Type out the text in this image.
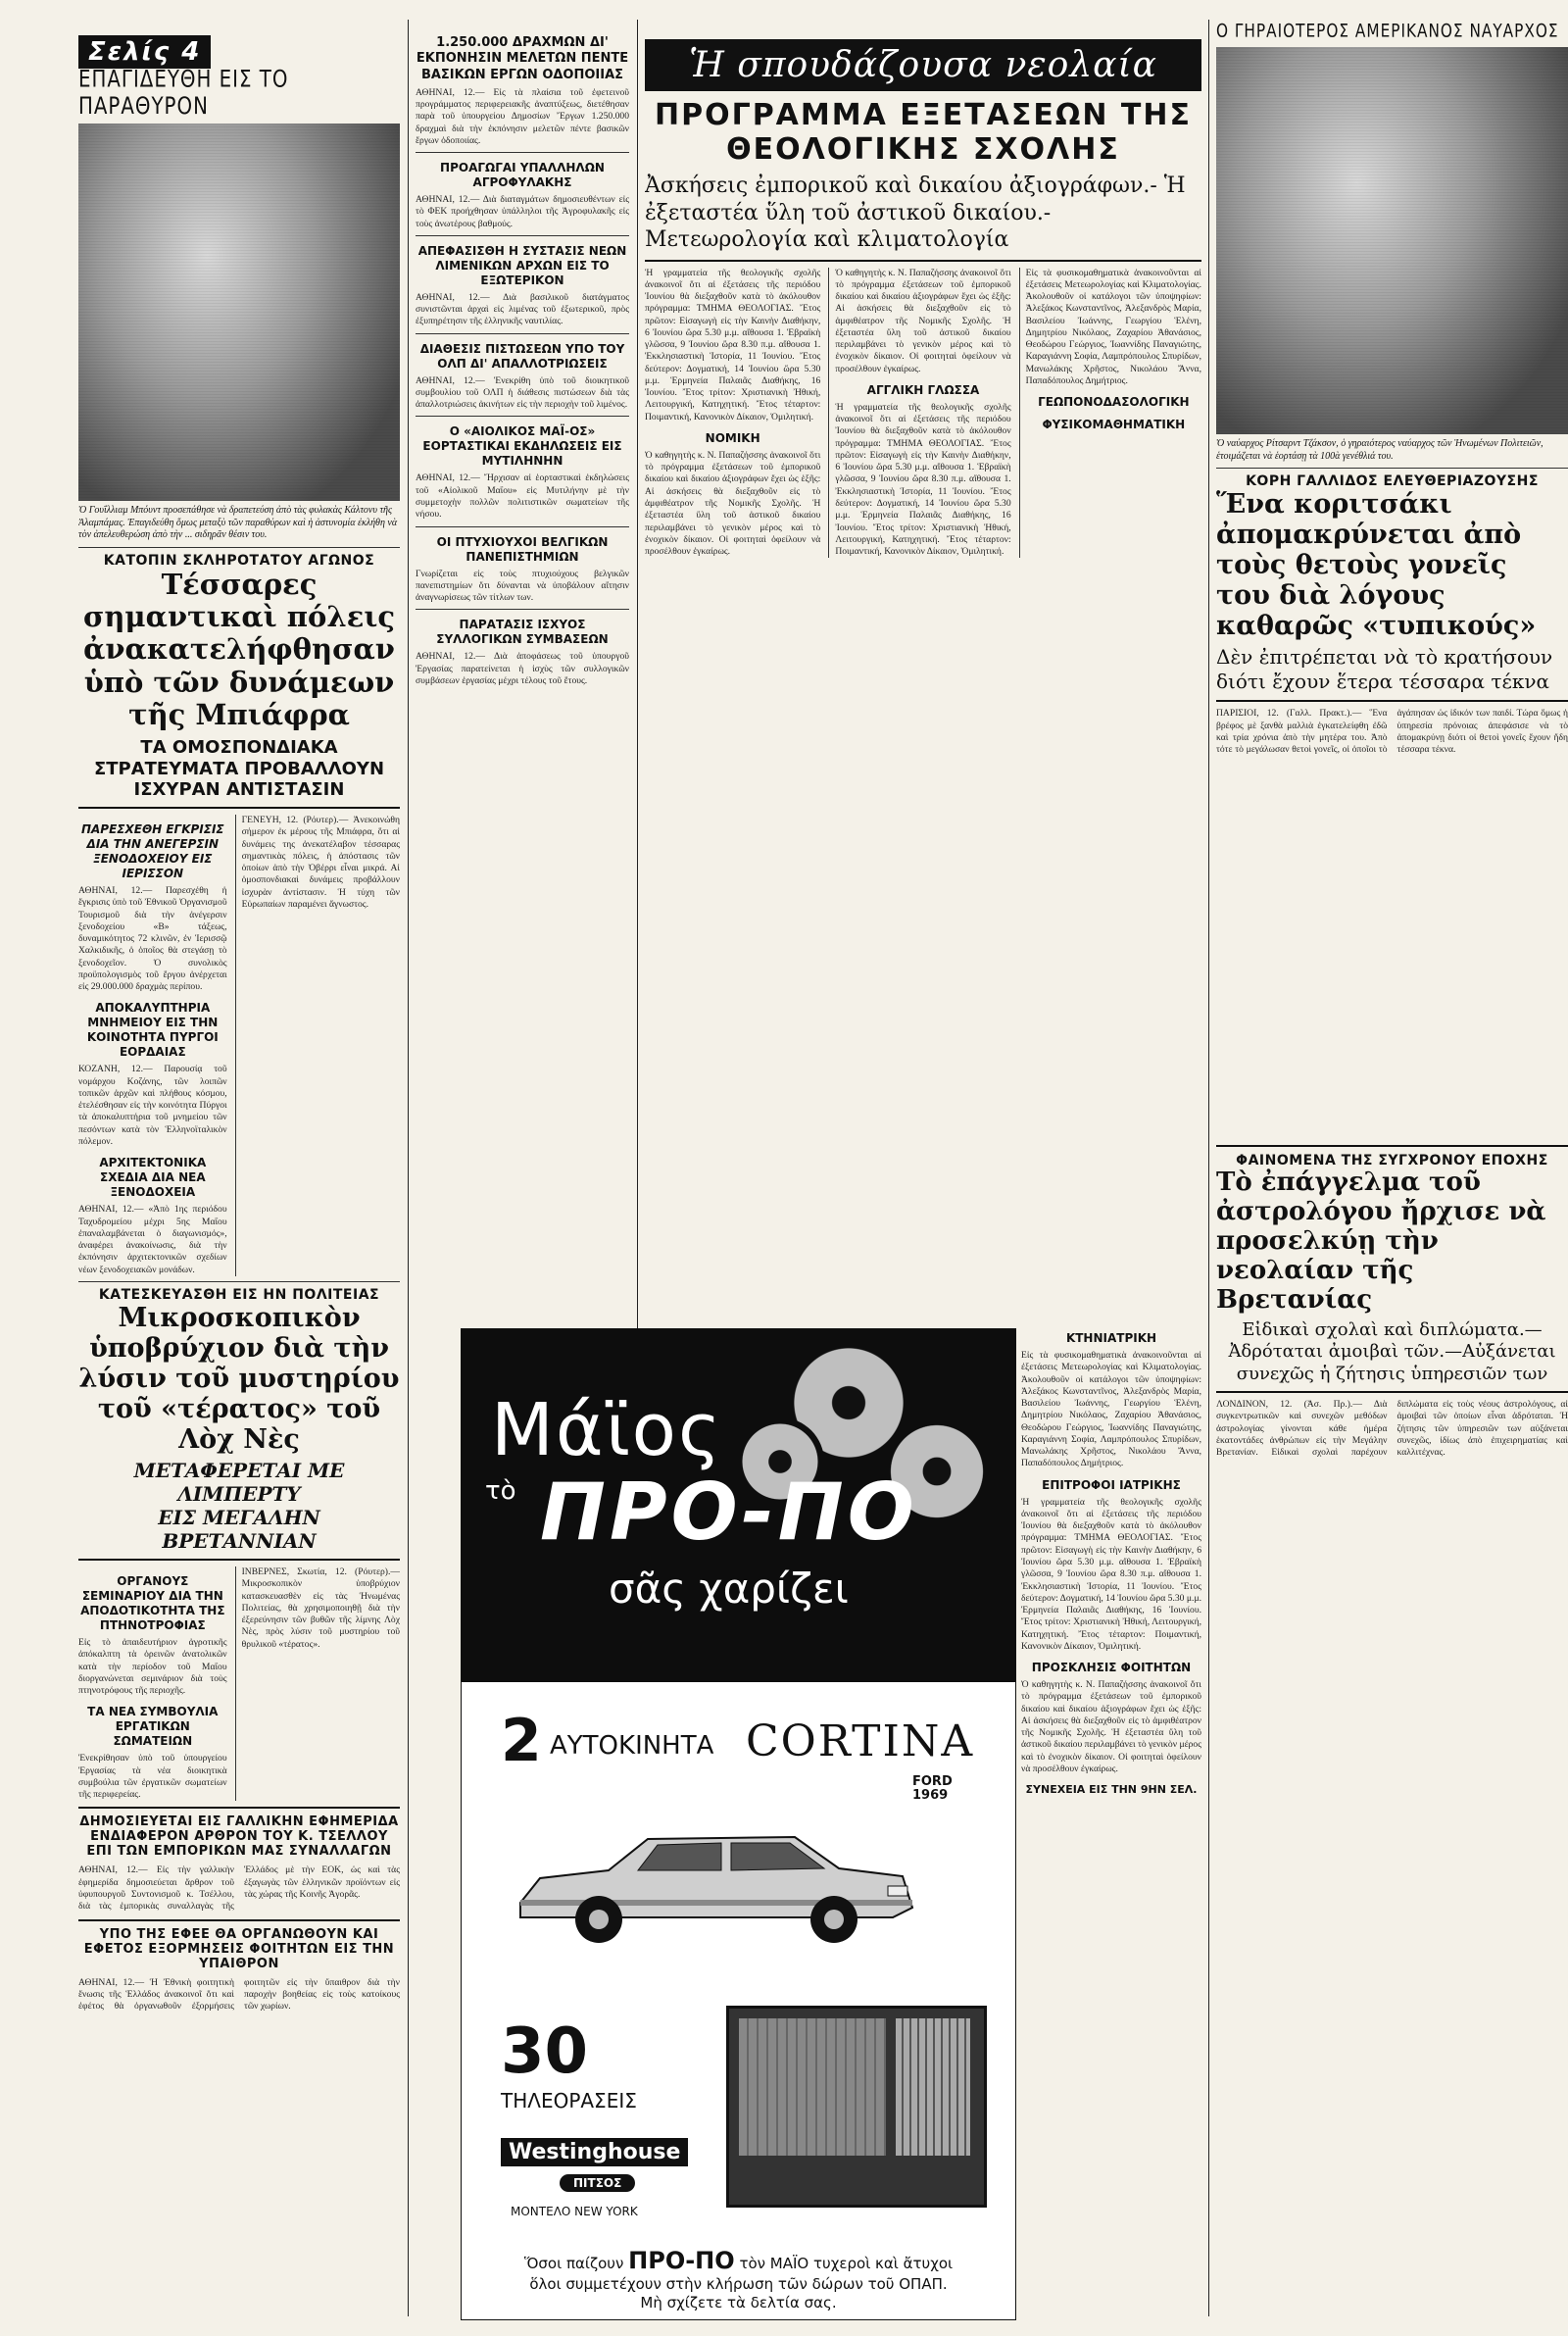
Σελίς 4
ΕΠΑΓΙΔΕΥΘΗ ΕΙΣ ΤΟ ΠΑΡΑΘΥΡΟΝ
Ὁ Γουΐλλιαμ Μπόυντ προσεπάθησε νὰ δραπετεύση ἀπὸ τὰς φυλακὰς Κάλτονυ τῆς Ἀλαμπάμας. Ἐπαγιδεύθη ὅμως μεταξὺ τῶν παραθύρων καὶ ἡ ἀστυνομία ἐκλήθη νὰ τὸν ἀπελευθερώση ἀπὸ τὴν ... σιδηρᾶν θέσιν του.
ΚΑΤΟΠΙΝ ΣΚΛΗΡΟΤΑΤΟΥ ΑΓΩΝΟΣ
Τέσσαρες σημαντικαὶ πόλεις ἀνακατελήφθησαν ὑπὸ τῶν δυνάμεων τῆς Μπιάφρα
ΤΑ ΟΜΟΣΠΟΝΔΙΑΚΑ ΣΤΡΑΤΕΥΜΑΤΑ ΠΡΟΒΑΛΛΟΥΝ ΙΣΧΥΡΑΝ ΑΝΤΙΣΤΑΣΙΝ
ΠΑΡΕΣΧΕΘΗ ΕΓΚΡΙΣΙΣ ΔΙΑ ΤΗΝ ΑΝΕΓΕΡΣΙΝ ΞΕΝΟΔΟΧΕΙΟΥ ΕΙΣ ΙΕΡΙΣΣΟΝ
ΑΘΗΝΑΙ, 12.— Παρεσχέθη ἡ ἔγκρισις ὑπὸ τοῦ Ἐθνικοῦ Ὀργανισμοῦ Τουρισμοῦ διὰ τὴν ἀνέγερσιν ξενοδοχείου «Β» τάξεως, δυναμικότητος 72 κλινῶν, ἐν Ἱερισσῷ Χαλκιδικῆς, ὁ ὁποῖος θὰ στεγάσῃ τὸ ξενοδοχεῖον. Ὁ συνολικὸς προϋπολογισμὸς τοῦ ἔργου ἀνέρχεται εἰς 29.000.000 δραχμὰς περίπου.
ΑΠΟΚΑΛΥΠΤΗΡΙΑ ΜΝΗΜΕΙΟΥ ΕΙΣ ΤΗΝ ΚΟΙΝΟΤΗΤΑ ΠΥΡΓΟΙ ΕΟΡΔΑΙΑΣ
ΚΟΖΑΝΗ, 12.— Παρουσίᾳ τοῦ νομάρχου Κοζάνης, τῶν λοιπῶν τοπικῶν ἀρχῶν καὶ πλήθους κόσμου, ἐτελέσθησαν εἰς τὴν κοινότητα Πύργοι τὰ ἀποκαλυπτήρια τοῦ μνημείου τῶν πεσόντων κατὰ τὸν Ἑλληνοϊταλικὸν πόλεμον.
ΑΡΧΙΤΕΚΤΟΝΙΚΑ ΣΧΕΔΙΑ ΔΙΑ ΝΕΑ ΞΕΝΟΔΟΧΕΙΑ
ΑΘΗΝΑΙ, 12.— «Ἀπὸ 1ης περιόδου Ταχυδρομείου μέχρι 5ης Μαΐου ἐπαναλαμβάνεται ὁ διαγωνισμός», ἀναφέρει ἀνακοίνωσις, διὰ τὴν ἐκπόνησιν ἀρχιτεκτονικῶν σχεδίων νέων ξενοδοχειακῶν μονάδων.
ΓΕΝΕΥΗ, 12. (Ρόυτερ).— Ἀνεκοινώθη σήμερον ἐκ μέρους τῆς Μπιάφρα, ὅτι αἱ δυνάμεις της ἀνεκατέλαβον τέσσαρας σημαντικὰς πόλεις, ἡ ἀπόστασις τῶν ὁποίων ἀπὸ τὴν Ὀβέρρι εἶναι μικρά. Αἱ ὁμοσπονδιακαὶ δυνάμεις προβάλλουν ἰσχυρὰν ἀντίστασιν. Ἡ τύχη τῶν Εὐρωπαίων παραμένει ἄγνωστος.
ΚΑΤΕΣΚΕΥΑΣΘΗ ΕΙΣ ΗΝ ΠΟΛΙΤΕΙΑΣ
Μικροσκοπικὸν ὑποβρύχιον διὰ τὴν λύσιν τοῦ μυστηρίου τοῦ «τέρατος» τοῦ Λὸχ Νὲς
ΜΕΤΑΦΕΡΕΤΑΙ ΜΕ ΛΙΜΠΕΡΤΥ
ΕΙΣ ΜΕΓΑΛΗΝ ΒΡΕΤΑΝΝΙΑΝ
ΟΡΓΑΝΟΥΣ ΣΕΜΙΝΑΡΙΟΥ ΔΙΑ ΤΗΝ ΑΠΟΔΟΤΙΚΟΤΗΤΑ ΤΗΣ ΠΤΗΝΟΤΡΟΦΙΑΣ
Εἰς τὸ ἀπαιδευτήριον ἀγροτικῆς ἀπόκαλπτη τὰ ὁρεινῶν ἀνατολικῶν κατὰ τὴν περίοδον τοῦ Μαΐου διοργανώνεται σεμινάριον διὰ τοὺς πτηνοτρόφους τῆς περιοχῆς.
ΤΑ ΝΕΑ ΣΥΜΒΟΥΛΙΑ ΕΡΓΑΤΙΚΩΝ ΣΩΜΑΤΕΙΩΝ
Ἐνεκρίθησαν ὑπὸ τοῦ ὑπουργείου Ἐργασίας τὰ νέα διοικητικὰ συμβούλια τῶν ἐργατικῶν σωματείων τῆς περιφερείας.
ΙΝΒΕΡΝΕΣ, Σκωτία, 12. (Ρόυτερ).— Μικροσκοπικὸν ὑποβρύχιον κατασκευασθὲν εἰς τὰς Ἡνωμένας Πολιτείας, θὰ χρησιμοποιηθῇ διὰ τὴν ἐξερεύνησιν τῶν βυθῶν τῆς λίμνης Λὸχ Νὲς, πρὸς λύσιν τοῦ μυστηρίου τοῦ θρυλικοῦ «τέρατος».
ΔΗΜΟΣΙΕΥΕΤΑΙ ΕΙΣ ΓΑΛΛΙΚΗΝ ΕΦΗΜΕΡΙΔΑ ΕΝΔΙΑΦΕΡΟΝ ΑΡΘΡΟΝ ΤΟΥ Κ. ΤΣΕΛΛΟΥ ΕΠΙ ΤΩΝ ΕΜΠΟΡΙΚΩΝ ΜΑΣ ΣΥΝΑΛΛΑΓΩΝ
ΑΘΗΝΑΙ, 12.— Εἰς τὴν γαλλικὴν ἐφημερίδα δημοσιεύεται ἄρθρον τοῦ ὑφυπουργοῦ Συντονισμοῦ κ. Τσέλλου, διὰ τὰς ἐμπορικὰς συναλλαγὰς τῆς Ἑλλάδος μὲ τὴν ΕΟΚ, ὡς καὶ τὰς ἐξαγωγὰς τῶν ἑλληνικῶν προϊόντων εἰς τὰς χώρας τῆς Κοινῆς Ἀγορᾶς.
ΥΠΟ ΤΗΣ ΕΦΕΕ ΘΑ ΟΡΓΑΝΩΘΟΥΝ ΚΑΙ ΕΦΕΤΟΣ ΕΞΟΡΜΗΣΕΙΣ ΦΟΙΤΗΤΩΝ ΕΙΣ ΤΗΝ ΥΠΑΙΘΡΟΝ
ΑΘΗΝΑΙ, 12.— Ἡ Ἐθνικὴ φοιτητικὴ ἕνωσις τῆς Ἑλλάδος ἀνακοινοῖ ὅτι καὶ ἐφέτος θὰ ὀργανωθοῦν ἐξορμήσεις φοιτητῶν εἰς τὴν ὕπαιθρον διὰ τὴν παροχὴν βοηθείας εἰς τοὺς κατοίκους τῶν χωρίων.
1.250.000 ΔΡΑΧΜΩΝ ΔΙ' ΕΚΠΟΝΗΣΙΝ ΜΕΛΕΤΩΝ ΠΕΝΤΕ ΒΑΣΙΚΩΝ ΕΡΓΩΝ ΟΔΟΠΟΙΙΑΣ
ΑΘΗΝΑΙ, 12.— Εἰς τὰ πλαίσια τοῦ ἐφετεινοῦ προγράμματος περιφερειακῆς ἀναπτύξεως, διετέθησαν παρὰ τοῦ ὑπουργείου Δημοσίων Ἔργων 1.250.000 δραχμαὶ διὰ τὴν ἐκπόνησιν μελετῶν πέντε βασικῶν ἔργων ὁδοποιίας.
ΠΡΟΑΓΩΓΑΙ ΥΠΑΛΛΗΛΩΝ ΑΓΡΟΦΥΛΑΚΗΣ
ΑΘΗΝΑΙ, 12.— Διὰ διαταγμάτων δημοσιευθέντων εἰς τὸ ΦΕΚ προήχθησαν ὑπάλληλοι τῆς Ἀγροφυλακῆς εἰς τοὺς ἀνωτέρους βαθμούς.
ΑΠΕΦΑΣΙΣΘΗ Η ΣΥΣΤΑΣΙΣ ΝΕΩΝ ΛΙΜΕΝΙΚΩΝ ΑΡΧΩΝ ΕΙΣ ΤΟ ΕΞΩΤΕΡΙΚΟΝ
ΑΘΗΝΑΙ, 12.— Διὰ βασιλικοῦ διατάγματος συνιστῶνται ἀρχαὶ εἰς λιμένας τοῦ ἐξωτερικοῦ, πρὸς ἐξυπηρέτησιν τῆς ἑλληνικῆς ναυτιλίας.
ΔΙΑΘΕΣΙΣ ΠΙΣΤΩΣΕΩΝ ΥΠΟ ΤΟΥ ΟΛΠ ΔΙ' ΑΠΑΛΛΟΤΡΙΩΣΕΙΣ
ΑΘΗΝΑΙ, 12.— Ἐνεκρίθη ὑπὸ τοῦ διοικητικοῦ συμβουλίου τοῦ ΟΛΠ ἡ διάθεσις πιστώσεων διὰ τὰς ἀπαλλοτριώσεις ἀκινήτων εἰς τὴν περιοχὴν τοῦ λιμένος.
Ο «ΑΙΟΛΙΚΟΣ ΜΑΪ-ΟΣ» ΕΟΡΤΑΣΤΙΚΑΙ ΕΚΔΗΛΩΣΕΙΣ ΕΙΣ ΜΥΤΙΛΗΝΗΝ
ΑΘΗΝΑΙ, 12.— Ἤρχισαν αἱ ἑορταστικαὶ ἐκδηλώσεις τοῦ «Αἰολικοῦ Μαΐου» εἰς Μυτιλήνην μὲ τὴν συμμετοχὴν πολλῶν πολιτιστικῶν σωματείων τῆς νήσου.
ΟΙ ΠΤΥΧΙΟΥΧΟΙ ΒΕΛΓΙΚΩΝ ΠΑΝΕΠΙΣΤΗΜΙΩΝ
Γνωρίζεται εἰς τοὺς πτυχιούχους βελγικῶν πανεπιστημίων ὅτι δύνανται νὰ ὑποβάλουν αἴτησιν ἀναγνωρίσεως τῶν τίτλων των.
ΠΑΡΑΤΑΣΙΣ ΙΣΧΥΟΣ ΣΥΛΛΟΓΙΚΩΝ ΣΥΜΒΑΣΕΩΝ
ΑΘΗΝΑΙ, 12.— Διὰ ἀποφάσεως τοῦ ὑπουργοῦ Ἐργασίας παρατείνεται ἡ ἰσχὺς τῶν συλλογικῶν συμβάσεων ἐργασίας μέχρι τέλους τοῦ ἔτους.
Ἡ σπουδάζουσα νεολαία
ΠΡΟΓΡΑΜΜΑ ΕΞΕΤΑΣΕΩΝ ΤΗΣ ΘΕΟΛΟΓΙΚΗΣ ΣΧΟΛΗΣ
Ἀσκήσεις ἐμπορικοῦ καὶ δικαίου ἀξιογράφων.- Ἡ ἐξεταστέα ὕλη τοῦ ἀστικοῦ δικαίου.-Μετεωρολογία καὶ κλιματολογία
Ἡ γραμματεία τῆς θεολογικῆς σχολῆς ἀνακοινοῖ ὅτι αἱ ἐξετάσεις τῆς περιόδου Ἰουνίου θὰ διεξαχθοῦν κατὰ τὸ ἀκόλουθον πρόγραμμα: ΤΜΗΜΑ ΘΕΟΛΟΓΙΑΣ. Ἔτος πρῶτον: Εἰσαγωγὴ εἰς τὴν Καινὴν Διαθήκην, 6 Ἰουνίου ὥρα 5.30 μ.μ. αἴθουσα 1. Ἑβραϊκὴ γλῶσσα, 9 Ἰουνίου ὥρα 8.30 π.μ. αἴθουσα 1. Ἐκκλησιαστικὴ Ἱστορία, 11 Ἰουνίου. Ἔτος δεύτερον: Δογματική, 14 Ἰουνίου ὥρα 5.30 μ.μ. Ἑρμηνεία Παλαιᾶς Διαθήκης, 16 Ἰουνίου. Ἔτος τρίτον: Χριστιανικὴ Ἠθική, Λειτουργική, Κατηχητική. Ἔτος τέταρτον: Ποιμαντική, Κανονικὸν Δίκαιον, Ὁμιλητική.
ΝΟΜΙΚΗ
Ὁ καθηγητὴς κ. Ν. Παπαζήσσης ἀνακοινοῖ ὅτι τὸ πρόγραμμα ἐξετάσεων τοῦ ἐμπορικοῦ δικαίου καὶ δικαίου ἀξιογράφων ἔχει ὡς ἑξῆς: Αἱ ἀσκήσεις θὰ διεξαχθοῦν εἰς τὸ ἀμφιθέατρον τῆς Νομικῆς Σχολῆς. Ἡ ἐξεταστέα ὕλη τοῦ ἀστικοῦ δικαίου περιλαμβάνει τὸ γενικὸν μέρος καὶ τὸ ἐνοχικὸν δίκαιον. Οἱ φοιτηταὶ ὀφείλουν νὰ προσέλθουν ἐγκαίρως.
Ὁ καθηγητὴς κ. Ν. Παπαζήσσης ἀνακοινοῖ ὅτι τὸ πρόγραμμα ἐξετάσεων τοῦ ἐμπορικοῦ δικαίου καὶ δικαίου ἀξιογράφων ἔχει ὡς ἑξῆς: Αἱ ἀσκήσεις θὰ διεξαχθοῦν εἰς τὸ ἀμφιθέατρον τῆς Νομικῆς Σχολῆς. Ἡ ἐξεταστέα ὕλη τοῦ ἀστικοῦ δικαίου περιλαμβάνει τὸ γενικὸν μέρος καὶ τὸ ἐνοχικὸν δίκαιον. Οἱ φοιτηταὶ ὀφείλουν νὰ προσέλθουν ἐγκαίρως.
ΑΓΓΛΙΚΗ ΓΛΩΣΣΑ
Ἡ γραμματεία τῆς θεολογικῆς σχολῆς ἀνακοινοῖ ὅτι αἱ ἐξετάσεις τῆς περιόδου Ἰουνίου θὰ διεξαχθοῦν κατὰ τὸ ἀκόλουθον πρόγραμμα: ΤΜΗΜΑ ΘΕΟΛΟΓΙΑΣ. Ἔτος πρῶτον: Εἰσαγωγὴ εἰς τὴν Καινὴν Διαθήκην, 6 Ἰουνίου ὥρα 5.30 μ.μ. αἴθουσα 1. Ἑβραϊκὴ γλῶσσα, 9 Ἰουνίου ὥρα 8.30 π.μ. αἴθουσα 1. Ἐκκλησιαστικὴ Ἱστορία, 11 Ἰουνίου. Ἔτος δεύτερον: Δογματική, 14 Ἰουνίου ὥρα 5.30 μ.μ. Ἑρμηνεία Παλαιᾶς Διαθήκης, 16 Ἰουνίου. Ἔτος τρίτον: Χριστιανικὴ Ἠθική, Λειτουργική, Κατηχητική. Ἔτος τέταρτον: Ποιμαντική, Κανονικὸν Δίκαιον, Ὁμιλητική.
Εἰς τὰ φυσικομαθηματικὰ ἀνακοινοῦνται αἱ ἐξετάσεις Μετεωρολογίας καὶ Κλιματολογίας. Ἀκολουθοῦν οἱ κατάλογοι τῶν ὑποψηφίων: Ἀλεξάκος Κωνσταντῖνος, Ἀλεξανδρὸς Μαρία, Βασιλείου Ἰωάννης, Γεωργίου Ἑλένη, Δημητρίου Νικόλαος, Ζαχαρίου Ἀθανάσιος, Θεοδώρου Γεώργιος, Ἰωαννίδης Παναγιώτης, Καραγιάννη Σοφία, Λαμπρόπουλος Σπυρίδων, Μανωλάκης Χρῆστος, Νικολάου Ἄννα, Παπαδόπουλος Δημήτριος.
ΓΕΩΠΟΝΟΔΑΣΟΛΟΓΙΚΗ
ΦΥΣΙΚΟΜΑΘΗΜΑΤΙΚΗ
ΚΤΗΝΙΑΤΡΙΚΗ
Εἰς τὰ φυσικομαθηματικὰ ἀνακοινοῦνται αἱ ἐξετάσεις Μετεωρολογίας καὶ Κλιματολογίας. Ἀκολουθοῦν οἱ κατάλογοι τῶν ὑποψηφίων: Ἀλεξάκος Κωνσταντῖνος, Ἀλεξανδρὸς Μαρία, Βασιλείου Ἰωάννης, Γεωργίου Ἑλένη, Δημητρίου Νικόλαος, Ζαχαρίου Ἀθανάσιος, Θεοδώρου Γεώργιος, Ἰωαννίδης Παναγιώτης, Καραγιάννη Σοφία, Λαμπρόπουλος Σπυρίδων, Μανωλάκης Χρῆστος, Νικολάου Ἄννα, Παπαδόπουλος Δημήτριος.
ΕΠΙΤΡΟΦΟΙ ΙΑΤΡΙΚΗΣ
Ἡ γραμματεία τῆς θεολογικῆς σχολῆς ἀνακοινοῖ ὅτι αἱ ἐξετάσεις τῆς περιόδου Ἰουνίου θὰ διεξαχθοῦν κατὰ τὸ ἀκόλουθον πρόγραμμα: ΤΜΗΜΑ ΘΕΟΛΟΓΙΑΣ. Ἔτος πρῶτον: Εἰσαγωγὴ εἰς τὴν Καινὴν Διαθήκην, 6 Ἰουνίου ὥρα 5.30 μ.μ. αἴθουσα 1. Ἑβραϊκὴ γλῶσσα, 9 Ἰουνίου ὥρα 8.30 π.μ. αἴθουσα 1. Ἐκκλησιαστικὴ Ἱστορία, 11 Ἰουνίου. Ἔτος δεύτερον: Δογματική, 14 Ἰουνίου ὥρα 5.30 μ.μ. Ἑρμηνεία Παλαιᾶς Διαθήκης, 16 Ἰουνίου. Ἔτος τρίτον: Χριστιανικὴ Ἠθική, Λειτουργική, Κατηχητική. Ἔτος τέταρτον: Ποιμαντική, Κανονικὸν Δίκαιον, Ὁμιλητική.
ΠΡΟΣΚΛΗΣΙΣ ΦΟΙΤΗΤΩΝ
Ὁ καθηγητὴς κ. Ν. Παπαζήσσης ἀνακοινοῖ ὅτι τὸ πρόγραμμα ἐξετάσεων τοῦ ἐμπορικοῦ δικαίου καὶ δικαίου ἀξιογράφων ἔχει ὡς ἑξῆς: Αἱ ἀσκήσεις θὰ διεξαχθοῦν εἰς τὸ ἀμφιθέατρον τῆς Νομικῆς Σχολῆς. Ἡ ἐξεταστέα ὕλη τοῦ ἀστικοῦ δικαίου περιλαμβάνει τὸ γενικὸν μέρος καὶ τὸ ἐνοχικὸν δίκαιον. Οἱ φοιτηταὶ ὀφείλουν νὰ προσέλθουν ἐγκαίρως.
ΣΥΝΕΧΕΙΑ ΕΙΣ ΤΗΝ 9ΗΝ ΣΕΛ.
Μάϊος
τὸ ΠΡΟ-ΠΟ
σᾶς χαρίζει
2 ΑΥΤΟΚΙΝΗΤΑ CORTINA
FORD
1969
30
ΤΗΛΕΟΡΑΣΕΙΣ
Westinghouse
ΠΙΤΣΟΣ
ΜΟΝΤΕΛΟ NEW YORK
Ὅσοι παίζουν ΠΡΟ-ΠΟ τὸν ΜΑΪΟ τυχεροὶ καὶ ἄτυχοι
ὅλοι συμμετέχουν στὴν κλήρωση τῶν δώρων τοῦ ΟΠΑΠ.
Μὴ σχίζετε τὰ δελτία σας.
Ο ΓΗΡΑΙΟΤΕΡΟΣ ΑΜΕΡΙΚΑΝΟΣ ΝΑΥΑΡΧΟΣ
Ὁ ναύαρχος Ρίτσαρντ Τζάκσον, ὁ γηραιότερος ναύαρχος τῶν Ἡνωμένων Πολιτειῶν, ἑτοιμάζεται νὰ ἑορτάσῃ τὰ 100ὰ γενέθλιά του.
ΚΟΡΗ ΓΑΛΛΙΔΟΣ ΕΛΕΥΘΕΡΙΑΖΟΥΣΗΣ
Ἕνα κοριτσάκι ἀπομακρύνεται ἀπὸ τοὺς θετοὺς γονεῖς του διὰ λόγους καθαρῶς «τυπικούς»
Δὲν ἐπιτρέπεται νὰ τὸ κρατήσουν διότι ἔχουν ἕτερα τέσσαρα τέκνα
ΠΑΡΙΣΙΟΙ, 12. (Γαλλ. Πρακτ.).— Ἕνα βρέφος μὲ ξανθὰ μαλλιὰ ἐγκατελείφθη ἐδῶ καὶ τρία χρόνια ἀπὸ τὴν μητέρα του. Ἀπὸ τότε τὸ μεγάλωσαν θετοὶ γονεῖς, οἱ ὁποῖοι τὸ ἀγάπησαν ὡς ἰδικόν των παιδί. Τώρα ὅμως ἡ ὑπηρεσία πρόνοιας ἀπεφάσισε νὰ τὸ ἀπομακρύνῃ διότι οἱ θετοὶ γονεῖς ἔχουν ἤδη τέσσαρα τέκνα.
ΦΑΙΝΟΜΕΝΑ ΤΗΣ ΣΥΓΧΡΟΝΟΥ ΕΠΟΧΗΣ
Τὸ ἐπάγγελμα τοῦ ἀστρολόγου ἤρχισε νὰ προσελκύῃ τὴν νεολαίαν τῆς Βρετανίας
Εἰδικαὶ σχολαὶ καὶ διπλώματα.—Ἀδρόταται ἀμοιβαὶ τῶν.—Αὐξάνεται συνεχῶς ἡ ζήτησις ὑπηρεσιῶν των
ΛΟΝΔΙΝΟΝ, 12. (Ἀσ. Πρ.).— Διὰ συγκεντρωτικῶν καὶ συνεχῶν μεθόδων ἀστρολογίας γίνονται κάθε ἡμέρα ἑκατοντάδες ἀνθρώπων εἰς τὴν Μεγάλην Βρετανίαν. Εἰδικαὶ σχολαὶ παρέχουν διπλώματα εἰς τοὺς νέους ἀστρολόγους, αἱ ἀμοιβαὶ τῶν ὁποίων εἶναι ἀδρόταται. Ἡ ζήτησις τῶν ὑπηρεσιῶν των αὐξάνεται συνεχῶς, ἰδίως ἀπὸ ἐπιχειρηματίας καὶ καλλιτέχνας.
